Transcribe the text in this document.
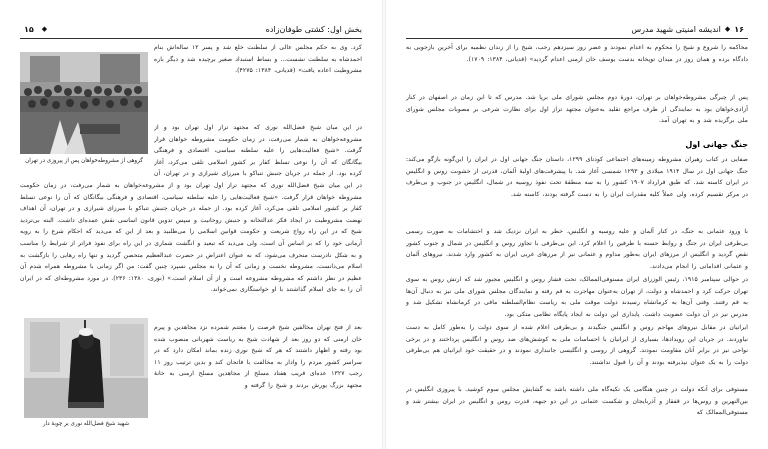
بخش اول: کشتی طوفان‌زاده
◆
۱۵
گروهی از مشروطه‌خواهان پس از پیروزی در تهران
شهید شیخ فضل‌الله نوری بر چوبهٔ دار
کرد. وی به حکم مجلس عالی از سلطنت خلع شد و پسر ۱۲ ساله‌اش بنام احمدشاه به سلطنت نشست... و بساط استبداد صغیر برچیده شد و دیگر باره مشروطیت اعاده یافت» (قدیانی، ۱۳۸۴: ۴۲۷۵).
در این میان شیخ فضل‌الله نوری که مجتهد تراز اول تهران بود و از مشروعه‌خواهان به شمار می‌رفت، در زمان حکومت مشروطه خواهان قرار گرفت. «شیخ فعالیت‌هایی را علیه سلطنه سیاسی، اقتصادی و فرهنگی بیگانگان که آن را نوعی تسلط کفار بر کشور اسلامی تلقی می‌کرد، آغاز کرده بود. از جمله در جریان جنبش تنباکو با میرزای شیرازی و در تهران، آن
در این میان شیخ فضل‌الله نوری که مجتهد تراز اول تهران بود و از مشروعه‌خواهان به شمار می‌رفت، در زمان حکومت مشروطه خواهان قرار گرفت. «شیخ فعالیت‌هایی را علیه سلطنه سیاسی، اقتصادی و فرهنگی بیگانگان که آن را نوعی تسلط کفار بر کشور اسلامی تلقی می‌کرد، آغاز کرده بود. از جمله در جریان جنبش تنباکو با میرزای شیرازی و در تهران، آن اهداف نهضت مشروطیت در ایجاد فکر عدالتخانه و جنبش روحانیت و سپس تدوین قانون اساسی نقش عمده‌ای داشت. البته بی‌تردید شیخ که در این راه رواج شریعت و حکومت قوانین اسلامی را می‌طلبید و بعد از این که می‌دید که احکام شرع را به رویه آرمانی خود را که بر اساس آن است، ولی می‌دید که تبعید و انگشت شماری در این راه برای نفوذ فراتر از شرایط را مناسب و به شکل نادرست منحرف می‌شود، که به عنوان اعتراض در حضرت عبدالعظیم متحصن گردید و تنها راه رهایی را بازگشت به اسلام می‌دانست. مشروطه نخست و زمانی که آن را به مجلس نسپرد چنین گفت: من اگر زمانی با مشروطه همراه شدم آن عظیم در نظر داشتم که مشروطه مشروعه است و از آن اسلام است.» (نوری، ۱۳۸۰: ۲۳۶). در مورد مشروطه‌ای که در ایران آن را به جای اسلام گذاشتند با او خواستگاری نمی‌خواند.
بعد از فتح تهران مخالفین شیخ فرصت را مغتنم شمرده نزد مجاهدین و پیرم خان ارمنی که دو روز بعد از شهادت شیخ به ریاست شهربانی منصوب شده بود رفته و اظهار داشتند که هر که شیخ نوری زنده بماند امکان دارد که در سراسر کشور مردم را وادار به مخالفت با فاتحان کند و بدین ترتیب روز ۱۱ رجب ۱۳۲۷ عده‌ای قریب هفتاد مسلح از مجاهدین مسلح ارمنی به خانهٔ مجتهد بزرگ یورش بردند و شیخ را گرفته و
۱۶
◆
اندیشه امنیتی شهید مدرس
محاکمه را شروع و شیخ را محکوم به اعدام نمودند و عصر روز سیزدهم رجب، شیخ را از زندان نظمیه برای آخرین بازجویی به دادگاه برده و همان روز در میدان توپخانه بدست یوسف خان ارمنی اعدام گردید» (قدیانی، ۱۳۸۴: ۱۷۰۹).
پس از چیرگی مشروطه‌خواهان بر تهران، دورهٔ دوم مجلس شورای ملی برپا شد. مدرس که تا این زمان در اصفهان در کنار آزادی‌خواهان بود به نمایندگی از طرف مراجع تقلید به‌عنوان مجتهد تراز اول برای نظارت شرعی بر مصوبات مجلس شورای ملی برگزیده شد و به تهران آمد.
جنگ جهانی اول
صفایی در کتاب رهبران مشروطه زمینه‌های اجتماعی کودتای ۱۲۹۹، داستان جنگ جهانی اول در ایران را این‌گونه بازگو می‌کند: جنگ جهانی اول در سال ۱۹۱۴ میلادی و ۱۲۹۳ شمسی آغاز شد. با پیشرفت‌های اولیهٔ آلمان، قدرتی از خشونت روس و انگلیس در ایران کاسته شد. که طبق قرارداد ۱۹۰۷ کشور را به سه منطقهٔ تحت نفوذ روسیه در شمال، انگلیس در جنوب و بی‌طرف در مرکز تقسیم کرده، ولی عملاً کلیه مقدرات ایران را به دست گرفته بودند، کاسته شد.
با ورود عثمانی به جنگ، در کنار آلمان و علیه روسیه و انگلیس، خطر به ایران نزدیک شد و احتشامات به صورت رسمی بی‌طرفی ایران در جنگ و روابط حسنه با طرفین را اعلام کرد. این بی‌طرفی با تجاوز روس و انگلیس در شمال و جنوب کشور نقض گردید و انگلیس از مرزهای ایران به‌طور مداوم و عثمانی نیز از مرزهای غربی ایران به کشور وارد شدند. نیروهای آلمان و عثمانی اقداماتی را انجام می‌دادند.
در حوالی سپتامبر ۱۹۱۵، رئیس الوزرای ایران مستوفی‌الممالک، تحت فشار روس و انگلیس مجبور شد که ارتش روس به سوی تهران حرکت کرد و احمدشاه و دولت، از تهران به‌عنوان مهاجرت به قم رفته و نمایندگان مجلس شورای ملی نیز به دنبال آن‌ها به قم رفتند. وقتی آن‌ها به کرمانشاه رسیدند دولت موقت ملی به ریاست نظام‌السلطنه مافی در کرمانشاه تشکیل شد و مدرس نیز در آن دولت عضویت داشت. پایداری این دولت به ایجاد پایگاه نظامی متکی بود.
ایرانیان در مقابل نیروهای مهاجم روس و انگلیس جنگیدند و بی‌طرفی اعلام شده از سوی دولت را به‌طور کامل به دست نیاوردند. در جریان این رویدادها، بسیاری از ایرانیان با احساسات ملی به کوشش‌های ضد روس و انگلیس پرداختند و در برخی نواحی نیز در برابر آنان مقاومت نمودند. گروهی از روسی و انگلیسی جانبداری نمودند و در حقیقت خود ایرانیان هم بی‌طرفی دولت را به یک عنوان نپذیرفته بودند و آن را قبول نداشتند.
مستوفی برای آنکه دولت در چنین هنگامی یک تکیه‌گاه ملی داشته باشد به گشایش مجلس سوم کوشید. با پیروزی انگلیس در بین‌النهرین و روس‌ها در قفقاز و آذربایجان و شکست عثمانی در این دو جبهه، قدرت روس و انگلیس در ایران بیشتر شد و مستوفی‌الممالک که
